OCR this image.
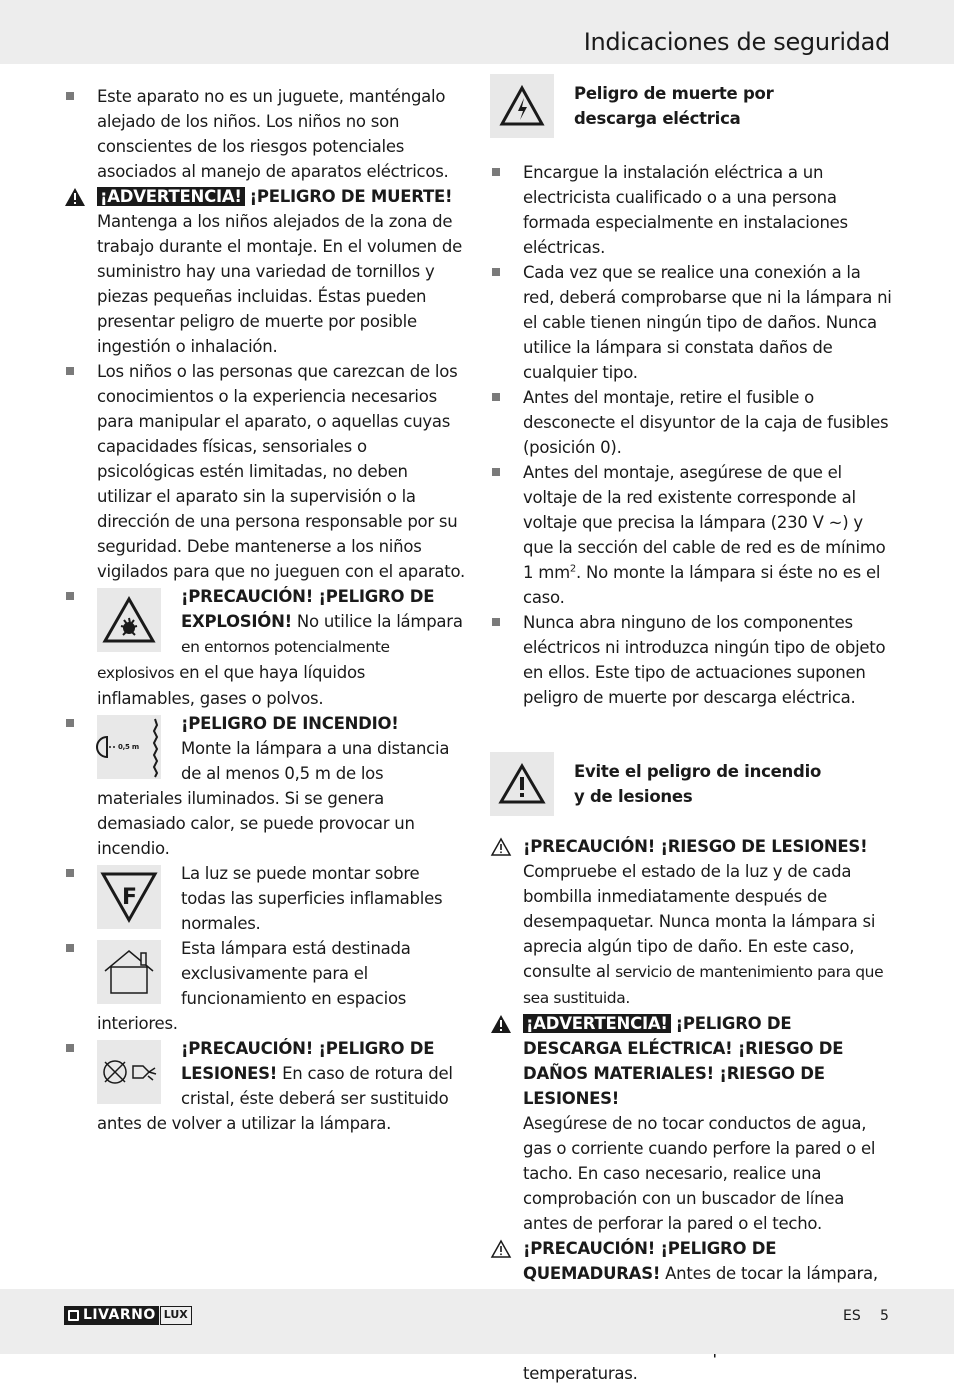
Indicaciones de seguridad
Este aparato no es un juguete, manténgalo alejado de los niños. Los niños no son conscientes de los riesgos potenciales asociados al manejo de aparatos eléctricos.
¡ADVERTENCIA! ¡PELIGRO DE MUERTE!
Mantenga a los niños alejados de la zona de trabajo durante el montaje. En el volumen de suministro hay una variedad de tornillos y piezas pequeñas incluidas. Éstas pueden presentar peligro de muerte por posible ingestión o inhalación.
Los niños o las personas que carezcan de los conocimientos o la experiencia necesarios para manipular el aparato, o aquellas cuyas capacidades físicas, sensoriales o psicológicas estén limitadas, no deben utilizar el aparato sin la supervisión o la dirección de una persona responsable por su seguridad. Debe mantenerse a los niños vigilados para que no jueguen con el aparato.
¡PRECAUCIÓN! ¡PELIGRO DE EXPLOSIÓN! No utilice la lámpara en entornos potencialmente explosivos en el que haya líquidos inflamables, gases o polvos.
0,5 m
¡PELIGRO DE INCENDIO!
Monte la lámpara a una distancia de al menos 0,5 m de los materiales iluminados. Si se genera demasiado calor, se puede provocar un incendio.
F
La luz se puede montar sobre todas las superficies inflamables normales.
Esta lámpara está destinada exclusivamente para el funcionamiento en espacios interiores.
¡PRECAUCIÓN! ¡PELIGRO DE LESIONES! En caso de rotura del cristal, éste deberá ser sustituido antes de volver a utilizar la lámpara.
Peligro de muerte por descarga eléctrica
Encargue la instalación eléctrica a un electricista cualificado o a una persona formada especialmente en instalaciones eléctricas.
Cada vez que se realice una conexión a la red, deberá comprobarse que ni la lámpara ni el cable tienen ningún tipo de daños. Nunca utilice la lámpara si constata daños de cualquier tipo.
Antes del montaje, retire el fusible o desconecte el disyuntor de la caja de fusibles (posición 0).
Antes del montaje, asegúrese de que el voltaje de la red existente corresponde al voltaje que precisa la lámpara (230 V ∼) y que la sección del cable de red es de mínimo 1 $mm^2$. No monte la lámpara si éste no es el caso.
Nunca abra ninguno de los componentes eléctricos ni introduzca ningún tipo de objeto en ellos. Este tipo de actuaciones suponen peligro de muerte por descarga eléctrica.
Evite el peligro de incendio y de lesiones
¡PRECAUCIÓN! ¡RIESGO DE LESIONES!
Compruebe el estado de la luz y de cada bombilla inmediatamente después de desempaquetar. Nunca monta la lámpara si aprecia algún tipo de daño. En este caso, consulte al servicio de mantenimiento para que sea sustituida.
¡ADVERTENCIA! ¡PELIGRO DE DESCARGA ELÉCTRICA! ¡RIESGO DE DAÑOS MATERIALES! ¡RIESGO DE LESIONES!
Asegúrese de no tocar conductos de agua, gas o corriente cuando perfore la pared o el tacho. En caso necesario, realice una comprobación con un buscador de línea antes de perforar la pared o el techo.
¡PRECAUCIÓN! ¡PELIGRO DE QUEMADURAS! Antes de tocar la lámpara, temperaturas.
LIVARNO LUX	ES 5
